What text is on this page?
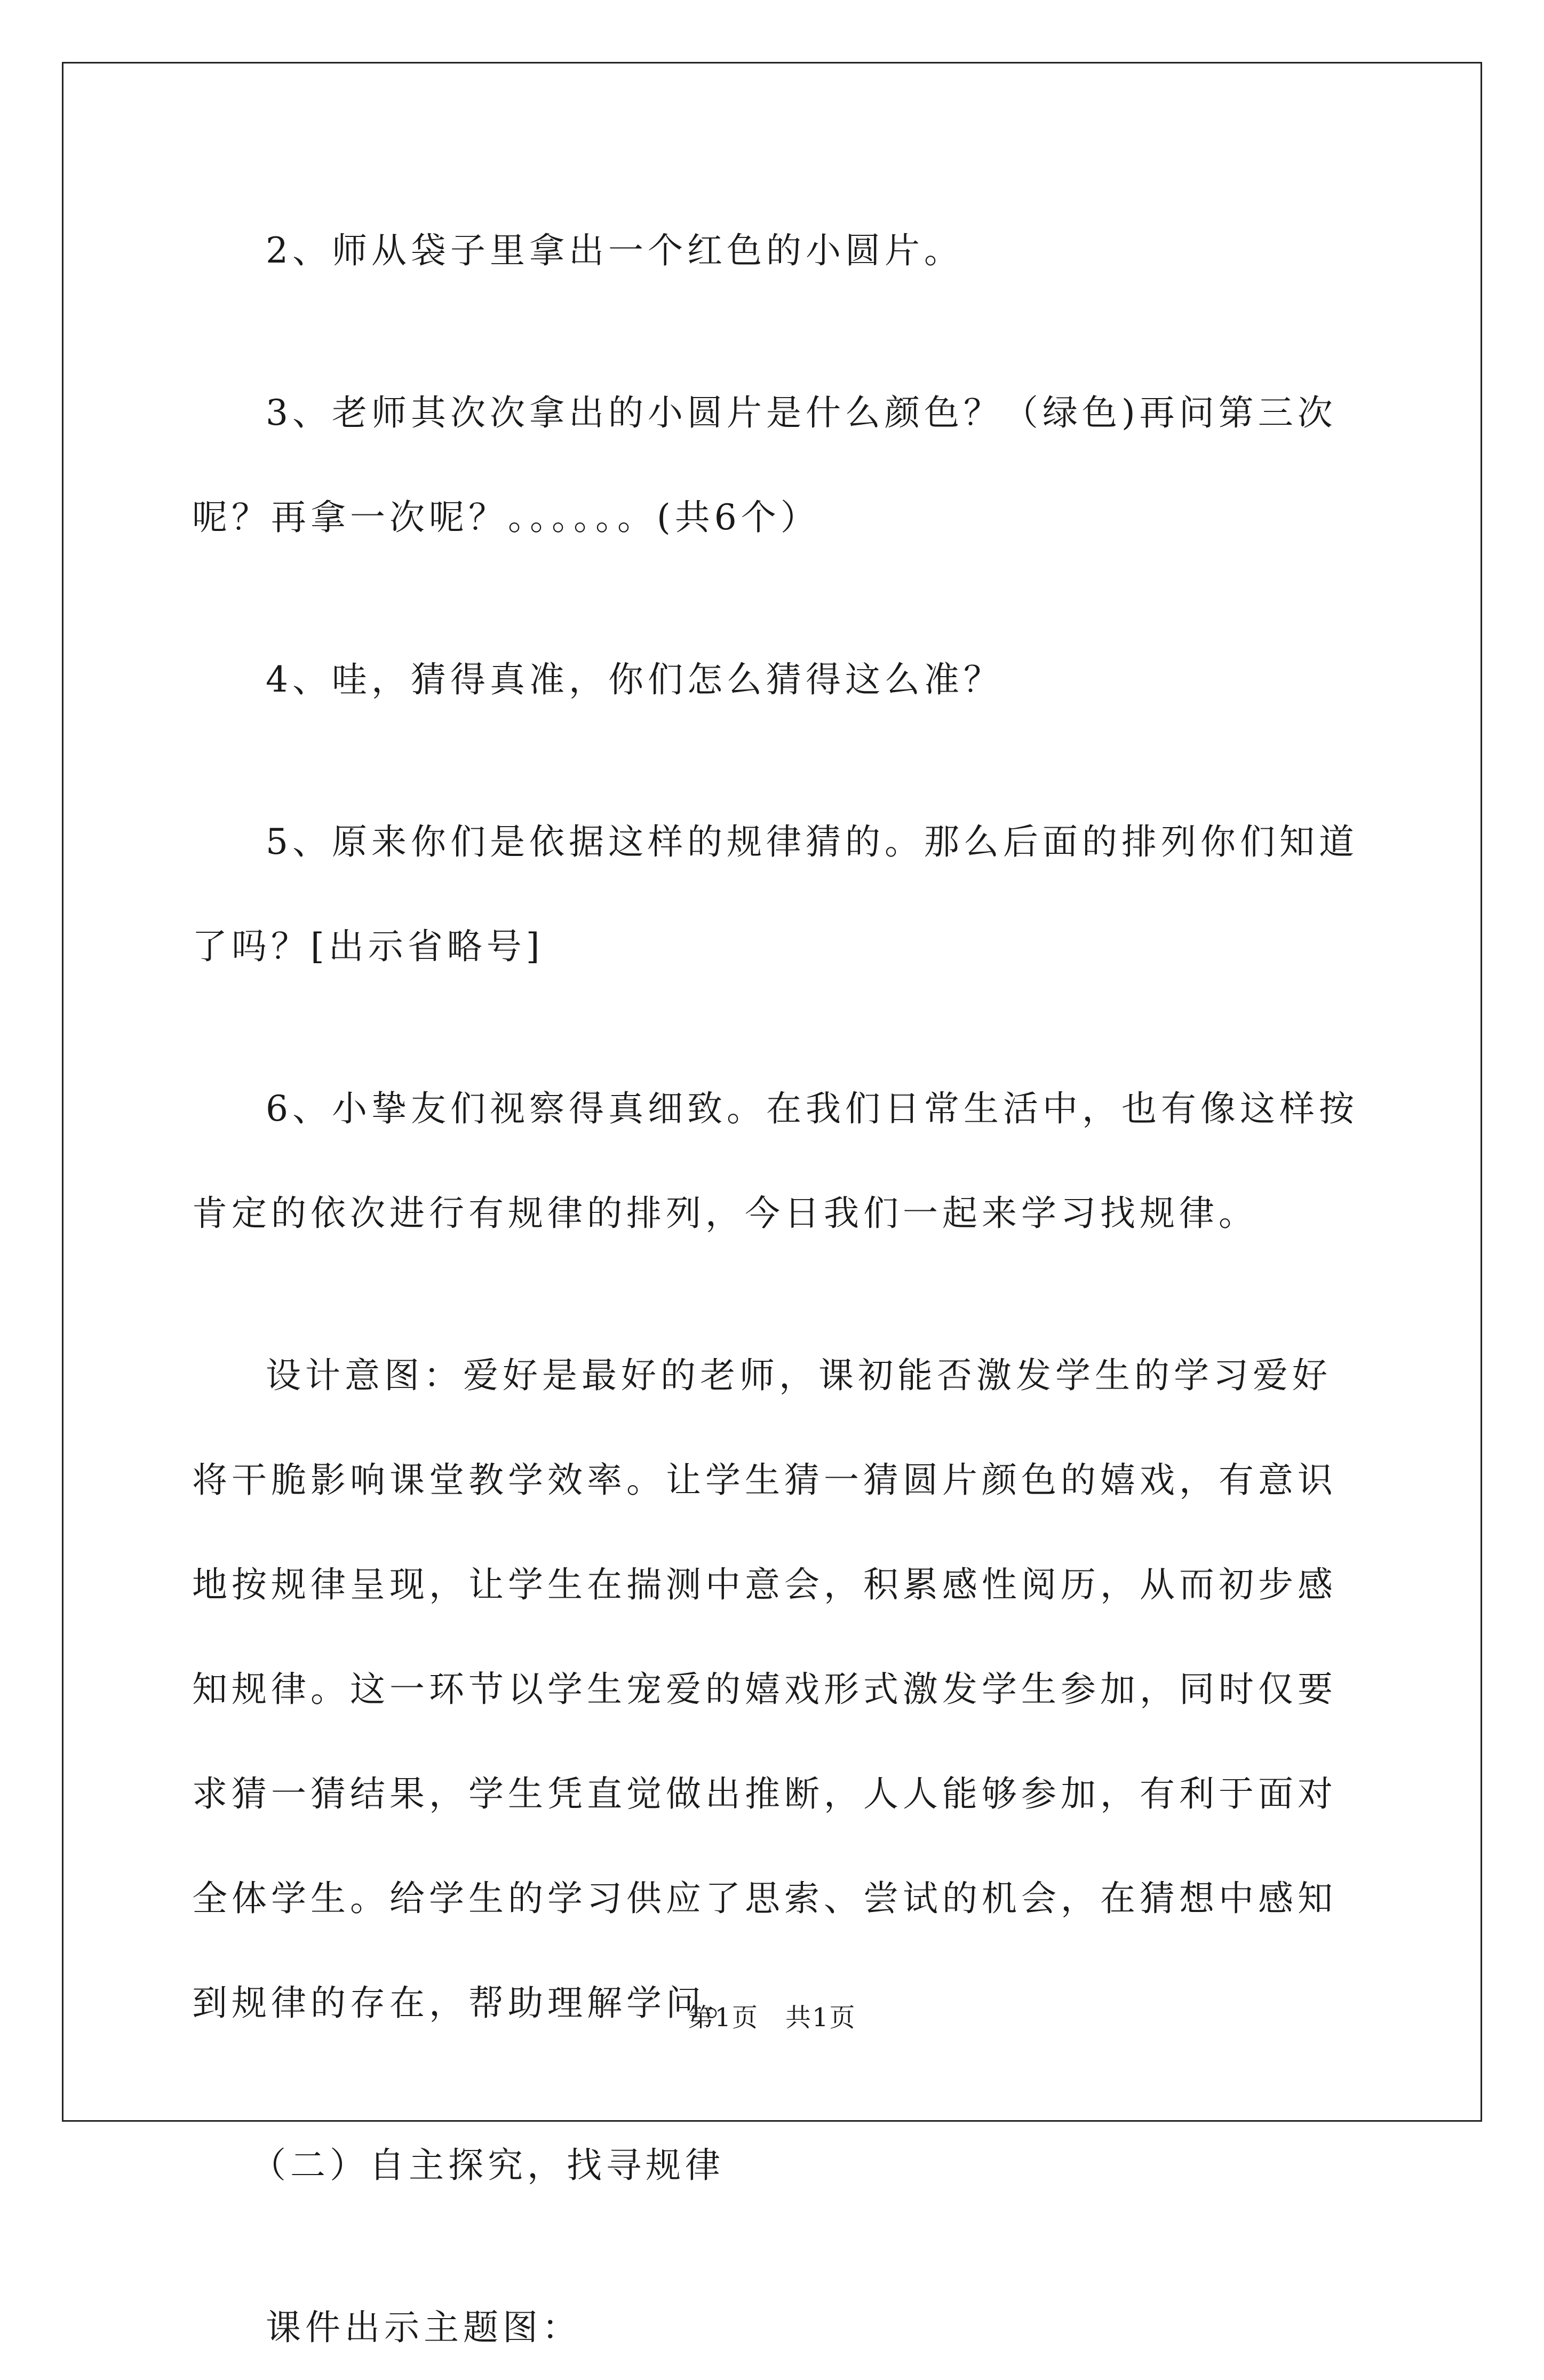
2、师从袋子里拿出一个红色的小圆片。

3、老师其次次拿出的小圆片是什么颜色？（绿色)再问第三次呢？再拿一次呢？。。。。。。(共6个）

4、哇，猜得真准，你们怎么猜得这么准？

5、原来你们是依据这样的规律猜的。那么后面的排列你们知道了吗？[出示省略号]

6、小挚友们视察得真细致。在我们日常生活中，也有像这样按肯定的依次进行有规律的排列，今日我们一起来学习找规律。

设计意图：爱好是最好的老师，课初能否激发学生的学习爱好将干脆影响课堂教学效率。让学生猜一猜圆片颜色的嬉戏，有意识地按规律呈现，让学生在揣测中意会，积累感性阅历，从而初步感知规律。这一环节以学生宠爱的嬉戏形式激发学生参加，同时仅要求猜一猜结果，学生凭直觉做出推断，人人能够参加，有利于面对全体学生。给学生的学习供应了思索、尝试的机会，在猜想中感知到规律的存在，帮助理解学问。

（二）自主探究，找寻规律

课件出示主题图：

第1页　共1页
